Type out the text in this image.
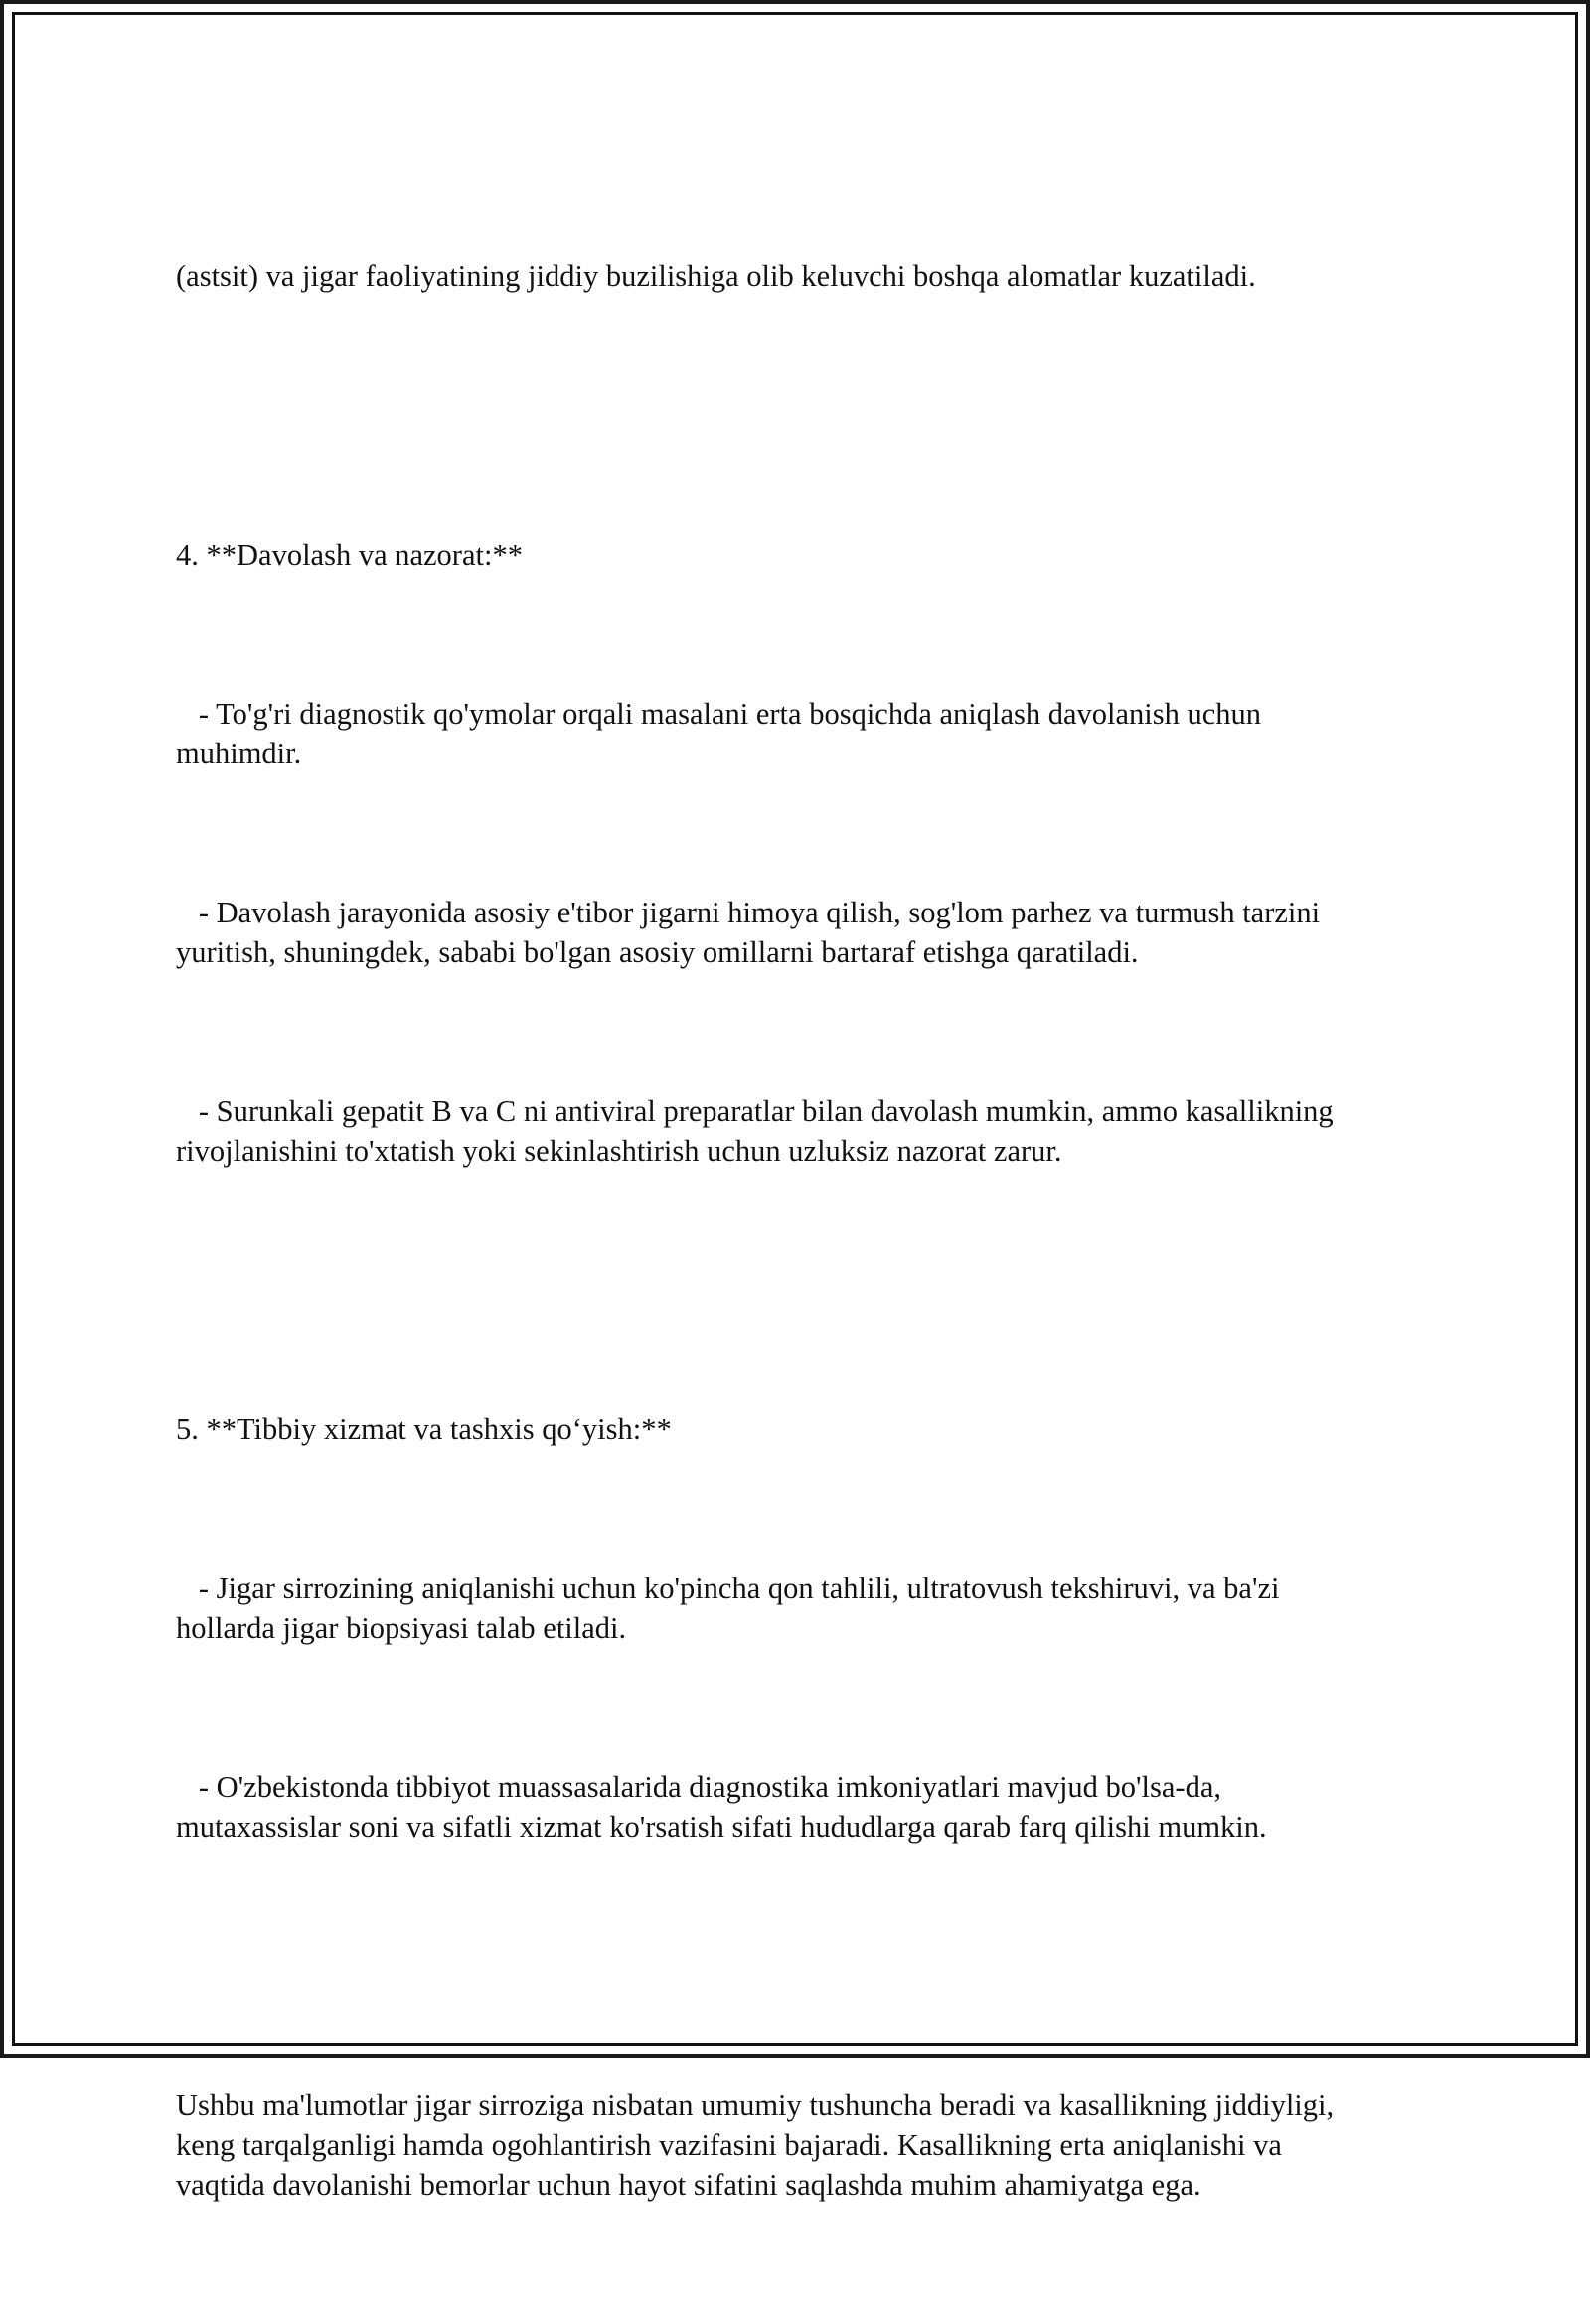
(astsit) va jigar faoliyatining jiddiy buzilishiga olib keluvchi boshqa alomatlar kuzatiladi.

4. **Davolash va nazorat:**

- To'g'ri diagnostik qo'ymolar orqali masalani erta bosqichda aniqlash davolanish uchun muhimdir.

- Davolash jarayonida asosiy e'tibor jigarni himoya qilish, sog'lom parhez va turmush tarzini yuritish, shuningdek, sababi bo'lgan asosiy omillarni bartaraf etishga qaratiladi.

- Surunkali gepatit B va C ni antiviral preparatlar bilan davolash mumkin, ammo kasallikning rivojlanishini to'xtatish yoki sekinlashtirish uchun uzluksiz nazorat zarur.

5. **Tibbiy xizmat va tashxis qo‘yish:**

- Jigar sirrozining aniqlanishi uchun ko'pincha qon tahlili, ultratovush tekshiruvi, va ba'zi hollarda jigar biopsiyasi talab etiladi.

- O'zbekistonda tibbiyot muassasalarida diagnostika imkoniyatlari mavjud bo'lsa-da, mutaxassislar soni va sifatli xizmat ko'rsatish sifati hududlarga qarab farq qilishi mumkin.

Ushbu ma'lumotlar jigar sirroziga nisbatan umumiy tushuncha beradi va kasallikning jiddiyligi, keng tarqalganligi hamda ogohlantirish vazifasini bajaradi. Kasallikning erta aniqlanishi va vaqtida davolanishi bemorlar uchun hayot sifatini saqlashda muhim ahamiyatga ega.
